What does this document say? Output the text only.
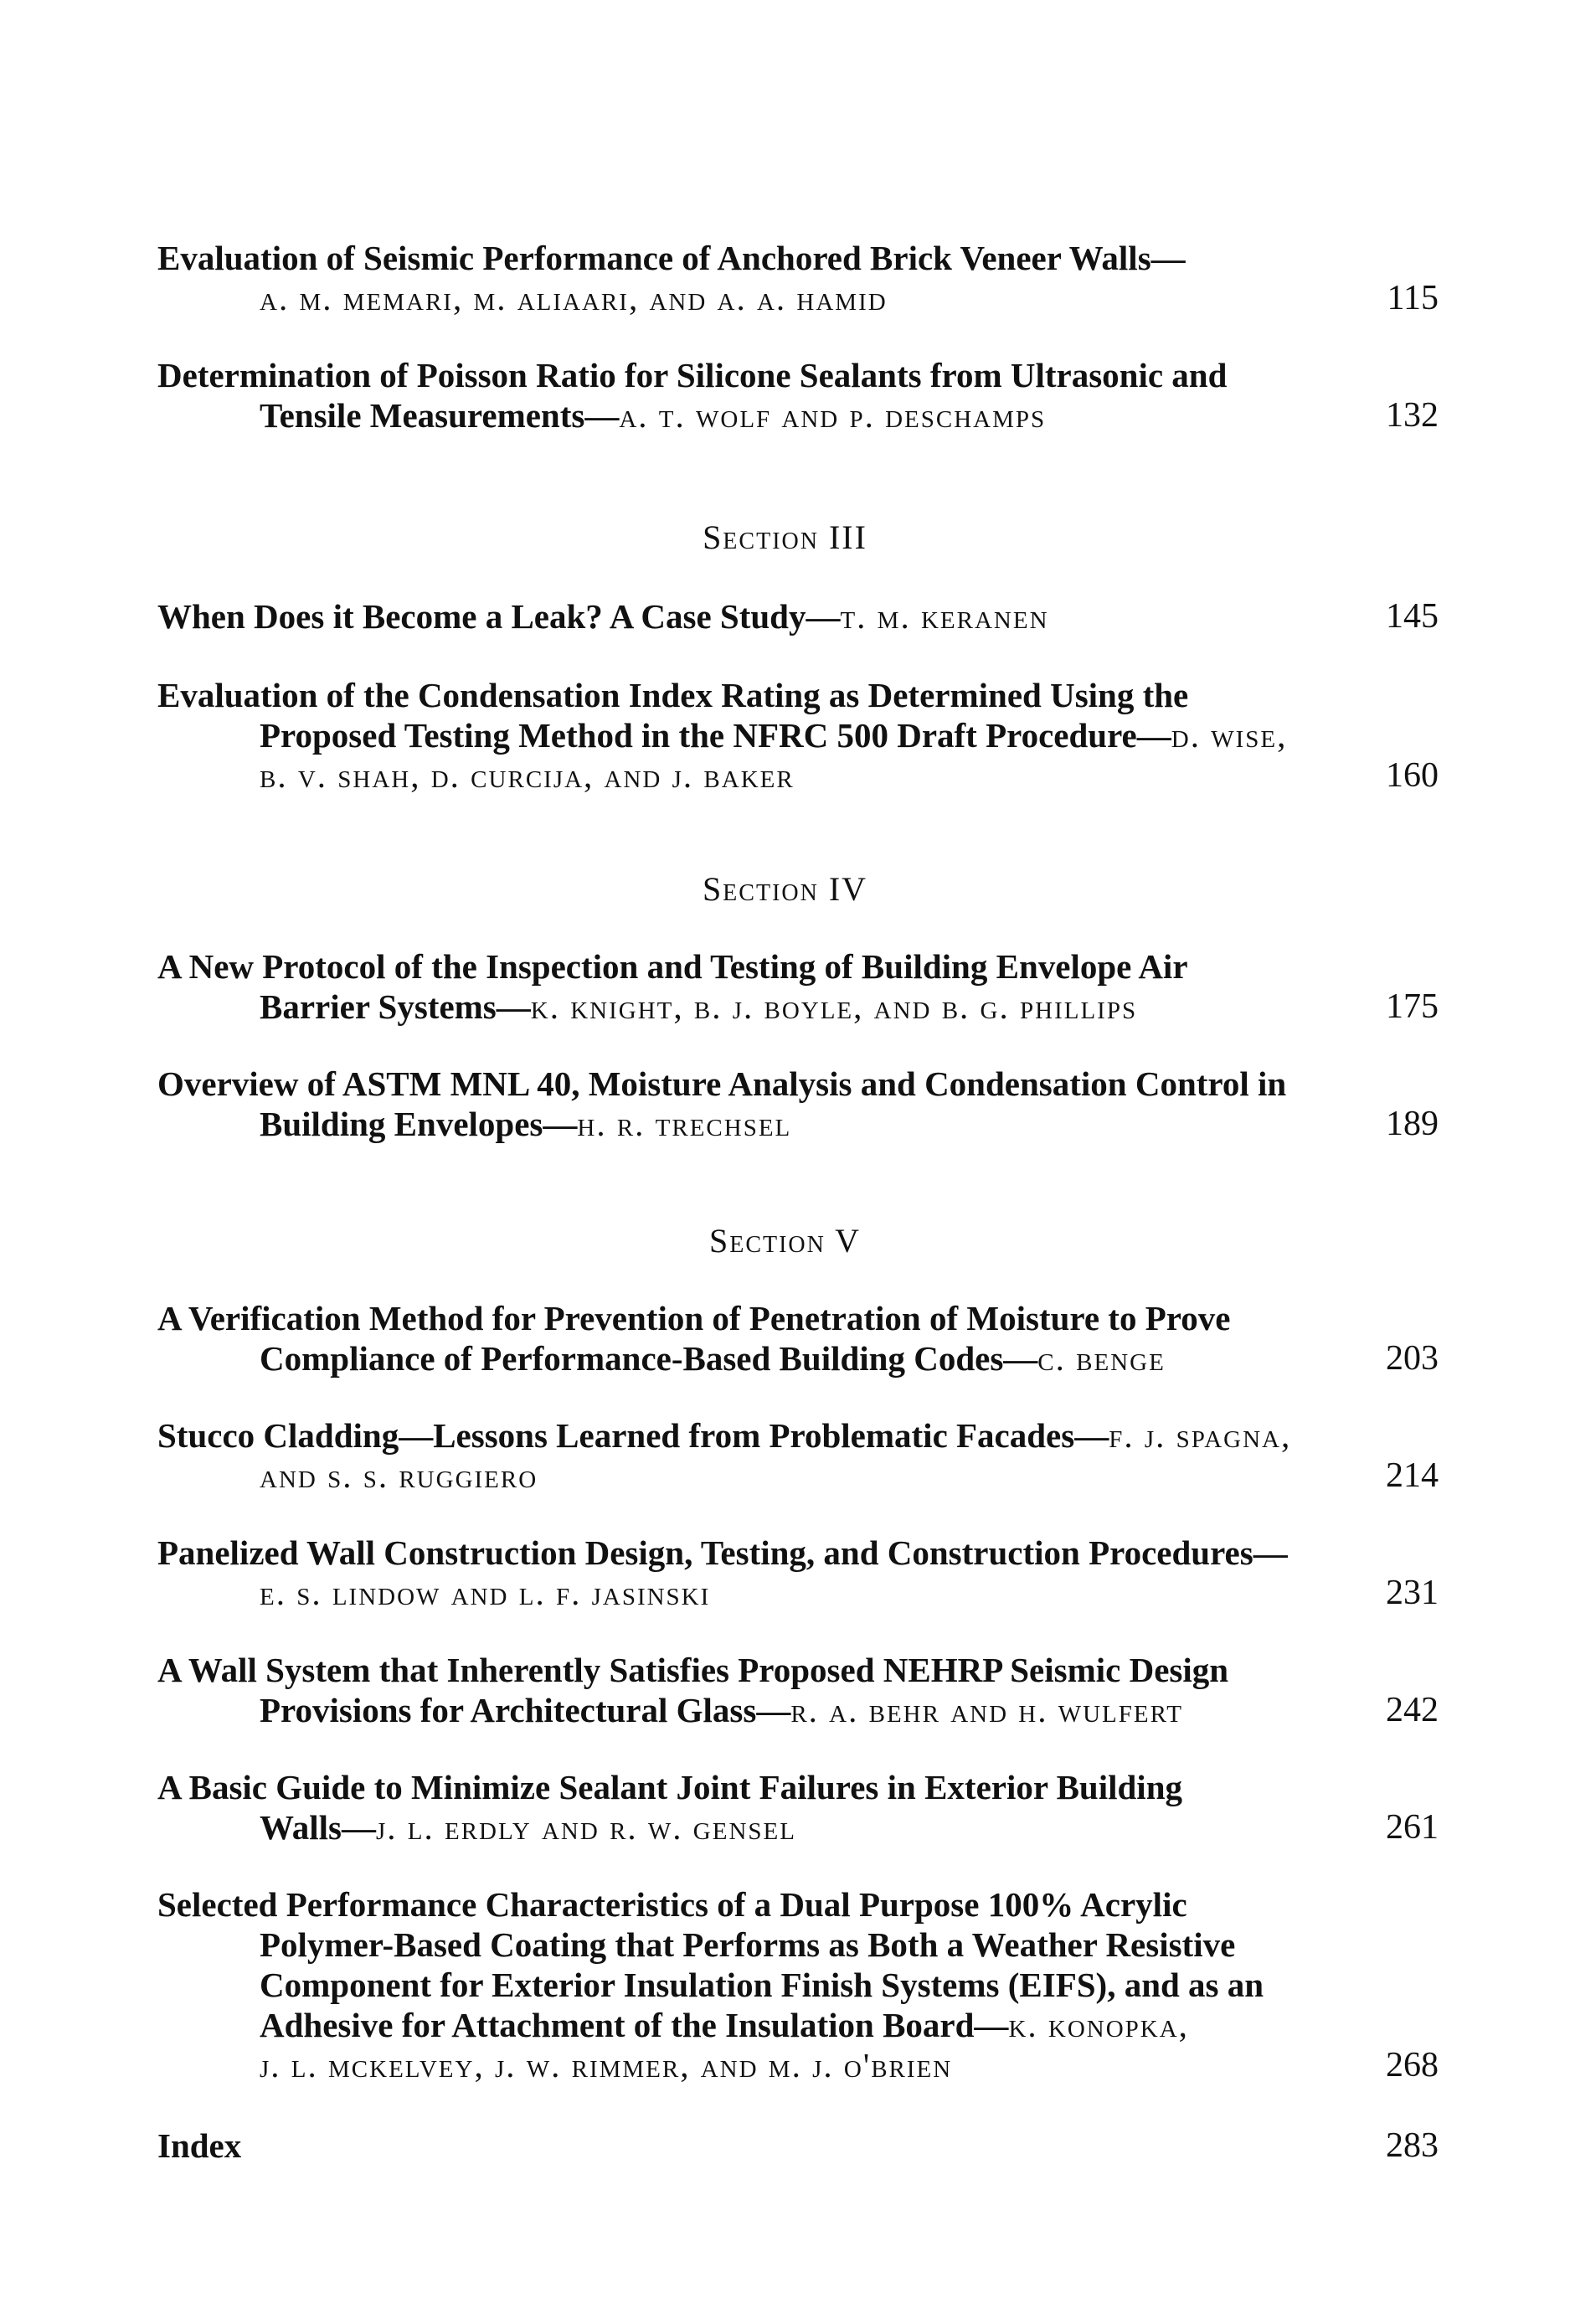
Evaluation of Seismic Performance of Anchored Brick Veneer Walls—
a. m. memari, m. aliaari, and a. a. hamid	115
Determination of Poisson Ratio for Silicone Sealants from Ultrasonic and
Tensile Measurements—a. t. wolf and p. deschamps	132
Section III
When Does it Become a Leak? A Case Study—t. m. keranen	145
Evaluation of the Condensation Index Rating as Determined Using the
Proposed Testing Method in the NFRC 500 Draft Procedure—d. wise,
b. v. shah, d. curcija, and j. baker	160
Section IV
A New Protocol of the Inspection and Testing of Building Envelope Air
Barrier Systems—k. knight, b. j. boyle, and b. g. phillips	175
Overview of ASTM MNL 40, Moisture Analysis and Condensation Control in
Building Envelopes—h. r. trechsel	189
Section V
A Verification Method for Prevention of Penetration of Moisture to Prove
Compliance of Performance-Based Building Codes—c. benge	203
Stucco Cladding—Lessons Learned from Problematic Facades—f. j. spagna,
and s. s. ruggiero	214
Panelized Wall Construction Design, Testing, and Construction Procedures—
e. s. lindow and l. f. jasinski	231
A Wall System that Inherently Satisfies Proposed NEHRP Seismic Design
Provisions for Architectural Glass—r. a. behr and h. wulfert	242
A Basic Guide to Minimize Sealant Joint Failures in Exterior Building
Walls—j. l. erdly and r. w. gensel	261
Selected Performance Characteristics of a Dual Purpose 100% Acrylic
Polymer-Based Coating that Performs as Both a Weather Resistive
Component for Exterior Insulation Finish Systems (EIFS), and as an
Adhesive for Attachment of the Insulation Board—k. konopka,
j. l. mckelvey, j. w. rimmer, and m. j. o'brien	268
Index	283
